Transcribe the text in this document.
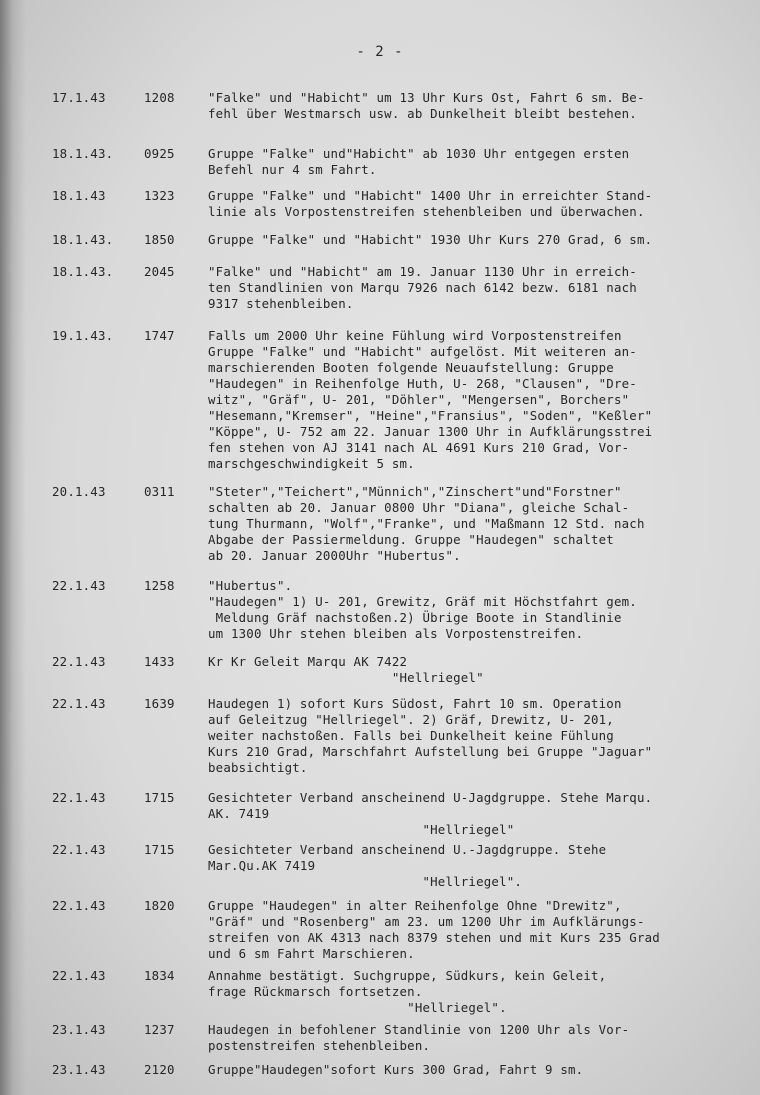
- 2 -
17.1.43	1208	"Falke" und "Habicht" um 13 Uhr Kurs Ost, Fahrt 6 sm. Be-
fehl über Westmarsch usw. ab Dunkelheit bleibt bestehen.
18.1.43. 0925	Gruppe "Falke" und"Habicht" ab 1030 Uhr entgegen ersten
Befehl nur 4 sm Fahrt.
18.1.43	1323	Gruppe "Falke" und "Habicht" 1400 Uhr in erreichter Stand-
linie als Vorpostenstreifen stehenbleiben und überwachen.
18.1.43. 1850	Gruppe "Falke" und "Habicht" 1930 Uhr Kurs 270 Grad, 6 sm.
18.1.43. 2045	"Falke" und "Habicht" am 19. Januar 1130 Uhr in erreich-
ten Standlinien von Marqu 7926 nach 6142 bezw. 6181 nach
9317 stehenbleiben.
19.1.43. 1747	Falls um 2000 Uhr keine Fühlung wird Vorpostenstreifen
Gruppe "Falke" und "Habicht" aufgelöst. Mit weiteren an-
marschierenden Booten folgende Neuaufstellung: Gruppe
"Haudegen" in Reihenfolge Huth, U- 268, "Clausen", "Dre-
witz", "Gräf", U- 201, "Döhler", "Mengersen", Borchers"
"Hesemann,"Kremser", "Heine","Fransius", "Soden", "Keßler"
"Köppe", U- 752 am 22. Januar 1300 Uhr in Aufklärungsstrei
fen stehen von AJ 3141 nach AL 4691 Kurs 210 Grad, Vor-
marschgeschwindigkeit 5 sm.
20.1.43	0311	"Steter","Teichert","Münnich","Zinschert"und"Forstner"
schalten ab 20. Januar 0800 Uhr "Diana", gleiche Schal-
tung Thurmann, "Wolf","Franke", und "Maßmann 12 Std. nach
Abgabe der Passiermeldung. Gruppe "Haudegen" schaltet
ab 20. Januar 2000Uhr "Hubertus".
22.1.43	1258	"Hubertus".
"Haudegen" 1) U- 201, Grewitz, Gräf mit Höchstfahrt gem.
Meldung Gräf nachstoßen.2) Übrige Boote in Standlinie
um 1300 Uhr stehen bleiben als Vorpostenstreifen.
22.1.43	1433	Kr Kr Geleit Marqu AK 7422
"Hellriegel"
22.1.43	1639	Haudegen 1) sofort Kurs Südost, Fahrt 10 sm. Operation
auf Geleitzug "Hellriegel". 2) Gräf, Drewitz, U- 201,
weiter nachstoßen. Falls bei Dunkelheit keine Fühlung
Kurs 210 Grad, Marschfahrt Aufstellung bei Gruppe "Jaguar"
beabsichtigt.
22.1.43	1715	Gesichteter Verband anscheinend U-Jagdgruppe. Stehe Marqu.
AK. 7419
"Hellriegel"
22.1.43	1715	Gesichteter Verband anscheinend U.-Jagdgruppe. Stehe
Mar.Qu.AK 7419
"Hellriegel".
22.1.43	1820	Gruppe "Haudegen" in alter Reihenfolge Ohne "Drewitz",
"Gräf" und "Rosenberg" am 23. um 1200 Uhr im Aufklärungs-
streifen von AK 4313 nach 8379 stehen und mit Kurs 235 Grad
und 6 sm Fahrt Marschieren.
22.1.43	1834	Annahme bestätigt. Suchgruppe, Südkurs, kein Geleit,
frage Rückmarsch fortsetzen.
"Hellriegel".
23.1.43	1237	Haudegen in befohlener Standlinie von 1200 Uhr als Vor-
postenstreifen stehenbleiben.
23.1.43	2120	Gruppe"Haudegen"sofort Kurs 300 Grad, Fahrt 9 sm.
